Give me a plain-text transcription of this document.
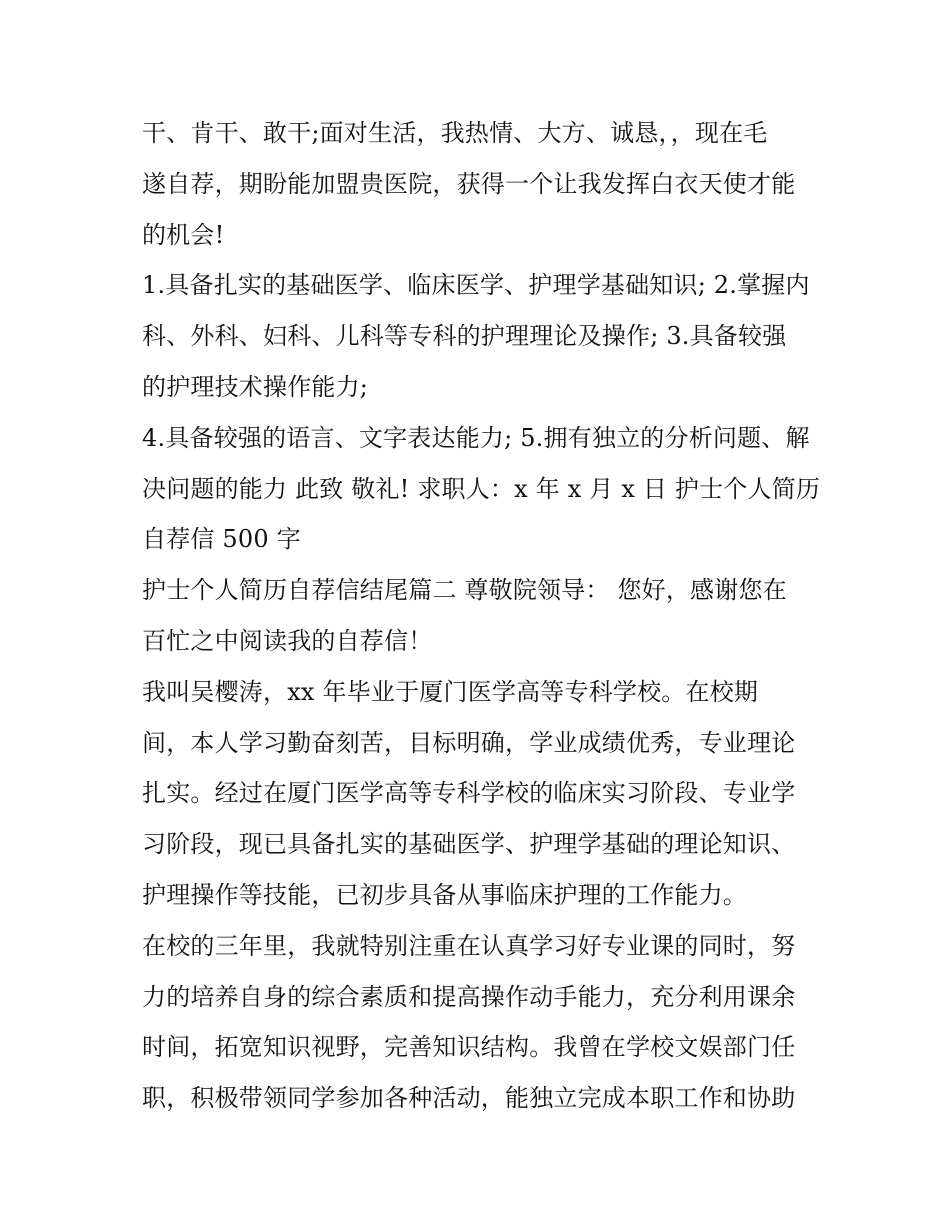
干、肯干、敢干;面对生活，我热情、大方、诚恳，，现在毛
遂自荐，期盼能加盟贵医院，获得一个让我发挥白衣天使才能
的机会!
1.具备扎实的基础医学、临床医学、护理学基础知识; 2.掌握内
科、外科、妇科、儿科等专科的护理理论及操作; 3.具备较强
的护理技术操作能力;
4.具备较强的语言、文字表达能力; 5.拥有独立的分析问题、解
决问题的能力 此致 敬礼! 求职人：x 年 x 月 x 日 护士个人简历
自荐信 500 字
护士个人简历自荐信结尾篇二 尊敬院领导： 您好，感谢您在
百忙之中阅读我的自荐信！
我叫吴樱涛，xx 年毕业于厦门医学高等专科学校。在校期
间，本人学习勤奋刻苦，目标明确，学业成绩优秀，专业理论
扎实。经过在厦门医学高等专科学校的临床实习阶段、专业学
习阶段，现已具备扎实的基础医学、护理学基础的理论知识、
护理操作等技能，已初步具备从事临床护理的工作能力。
在校的三年里，我就特别注重在认真学习好专业课的同时，努
力的培养自身的综合素质和提高操作动手能力，充分利用课余
时间，拓宽知识视野，完善知识结构。我曾在学校文娱部门任
职，积极带领同学参加各种活动，能独立完成本职工作和协助
